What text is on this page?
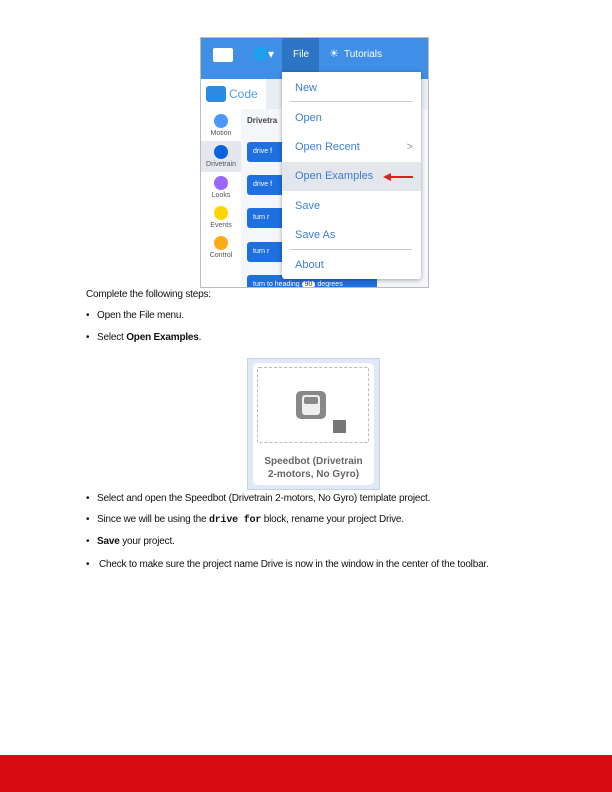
🌐▾ File ☀ Tutorials
Code
Drivetra
drive f
drive f
turn r
turn r
turn to heading 90 degrees
Motion
Drivetrain
Looks
Events
Control
New
Open
Open Recent	>
Open Examples
Save
Save As
About
Complete the following steps:
•   Open the File menu.
•   Select Open Examples.
Speedbot (Drivetrain
2-motors, No Gyro)
•   Select and open the Speedbot (Drivetrain 2-motors, No Gyro) template project.
•   Since we will be using the drive for block, rename your project Drive.
•   Save your project.
• Check to make sure the project name Drive is now in the window in the center of the toolbar.
